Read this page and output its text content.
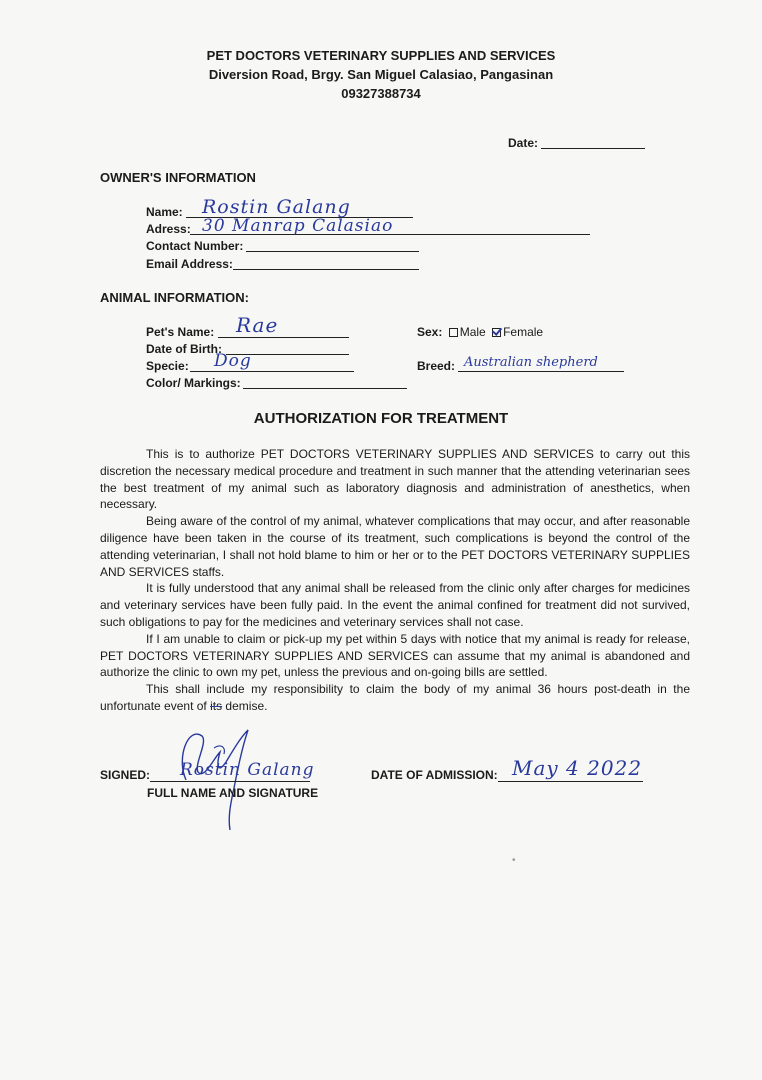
PET DOCTORS VETERINARY SUPPLIES AND SERVICES
Diversion Road, Brgy. San Miguel Calasiao, Pangasinan
09327388734
Date:
OWNER'S INFORMATION
Name: Rostin Galang
Adress: 30 Manrap Calasiao
Contact Number:
Email Address:
ANIMAL INFORMATION:
Pet's Name: Rae
Date of Birth:
Specie: Dog
Color/ Markings:
Sex: Male Female
Breed: Australian shepherd
AUTHORIZATION FOR TREATMENT

This is to authorize PET DOCTORS VETERINARY SUPPLIES AND SERVICES to carry out this discretion the necessary medical procedure and treatment in such manner that the attending veterinarian sees the best treatment of my animal such as laboratory diagnosis and administration of anesthetics, when necessary.

Being aware of the control of my animal, whatever complications that may occur, and after reasonable diligence have been taken in the course of its treatment, such complications is beyond the control of the attending veterinarian, I shall not hold blame to him or her or to the PET DOCTORS VETERINARY SUPPLIES AND SERVICES staffs.

It is fully understood that any animal shall be released from the clinic only after charges for medicines and veterinary services have been fully paid. In the event the animal confined for treatment did not survived, such obligations to pay for the medicines and veterinary services shall not case.

If I am unable to claim or pick-up my pet within 5 days with notice that my animal is ready for release, PET DOCTORS VETERINARY SUPPLIES AND SERVICES can assume that my animal is abandoned and authorize the clinic to own my pet, unless the previous and on-going bills are settled.

This shall include my responsibility to claim the body of my animal 36 hours post-death in the unfortunate event of its demise.

SIGNED: Rostin Galang
FULL NAME AND SIGNATURE
DATE OF ADMISSION: May 4 2022
•
